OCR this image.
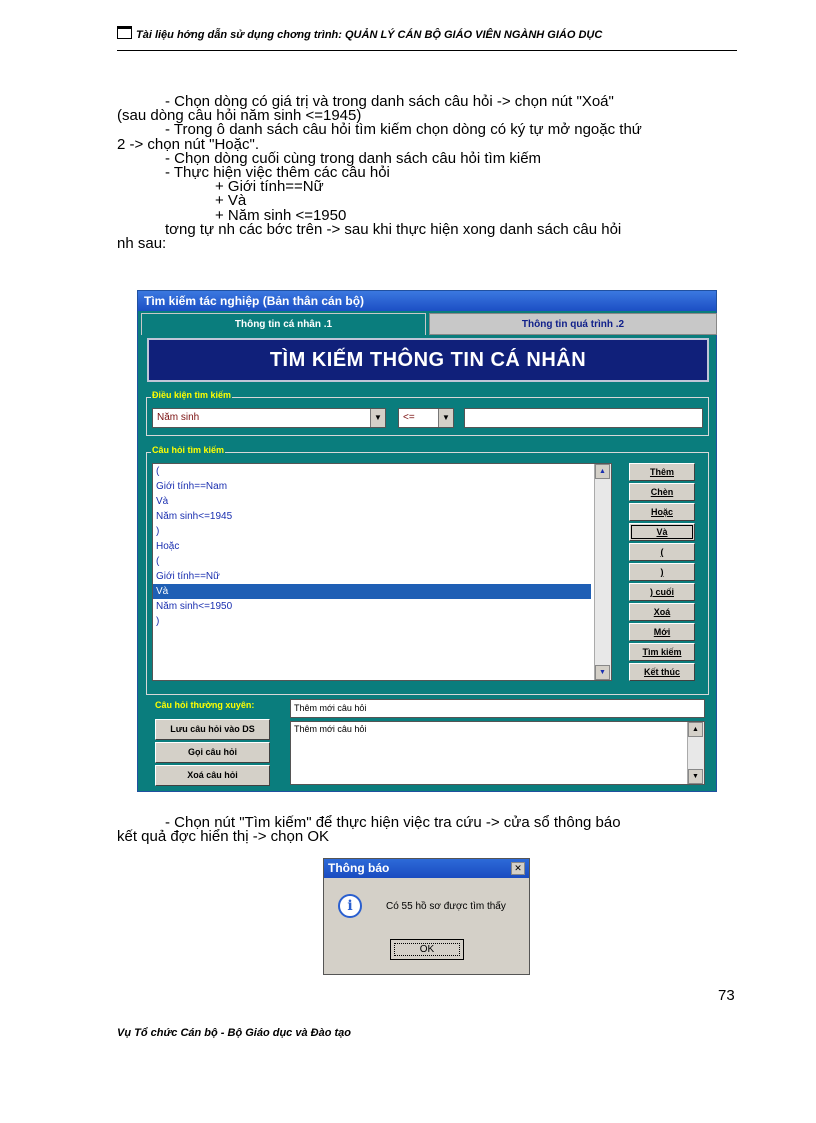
Tài liệu hớng dẫn sử dụng chơng trình: QUẢN LÝ CÁN BỘ GIÁO VIÊN NGÀNH GIÁO DỤC

- Chọn dòng có giá trị và trong danh sách câu hỏi -> chọn nút "Xoá"

(sau dòng câu hỏi năm sinh <=1945)

- Trong ô danh sách câu hỏi tìm kiếm chọn dòng có ký tự mở ngoặc thứ

2 -> chọn nút "Hoặc".

- Chọn dòng cuối cùng trong danh sách câu hỏi tìm kiếm

- Thực hiện việc thêm các câu hỏi

+ Giới tính==Nữ

+ Và

+ Năm sinh <=1950

tơng tự nh các bớc trên -> sau khi thực hiện xong danh sách câu hỏi

nh sau:

Tìm kiếm tác nghiệp (Bản thân cán bộ)
Thông tin cá nhân .1	Thông tin quá trình .2
TÌM KIẾM THÔNG TIN CÁ NHÂN
Điều kiện tìm kiếm
Năm sinh	▼	<=	▼
Câu hỏi tìm kiếm
▲
▼
(
Giới tính==Nam
Và
Năm sinh<=1945
)
Hoặc
(
Giới tính==Nữ
Và
Năm sinh<=1950
)
Thêm
Chèn
Hoặc
Và
(
)
) cuối
Xoá
Mới
Tìm kiếm
Kết thúc
Câu hỏi thường xuyên:	Thêm mới câu hỏi
Thêm mới câu hỏi	▲
▼
Lưu câu hỏi vào DS
Gọi câu hỏi
Xoá câu hỏi

- Chọn nút "Tìm kiếm" để thực hiện việc tra cứu -> cửa sổ thông báo

kết quả đợc hiển thị -> chọn OK

Thông báo	✕
i	Có 55 hồ sơ được tìm thấy
OK
73
Vụ Tổ chức Cán bộ - Bộ Giáo dục và Đào tạo
